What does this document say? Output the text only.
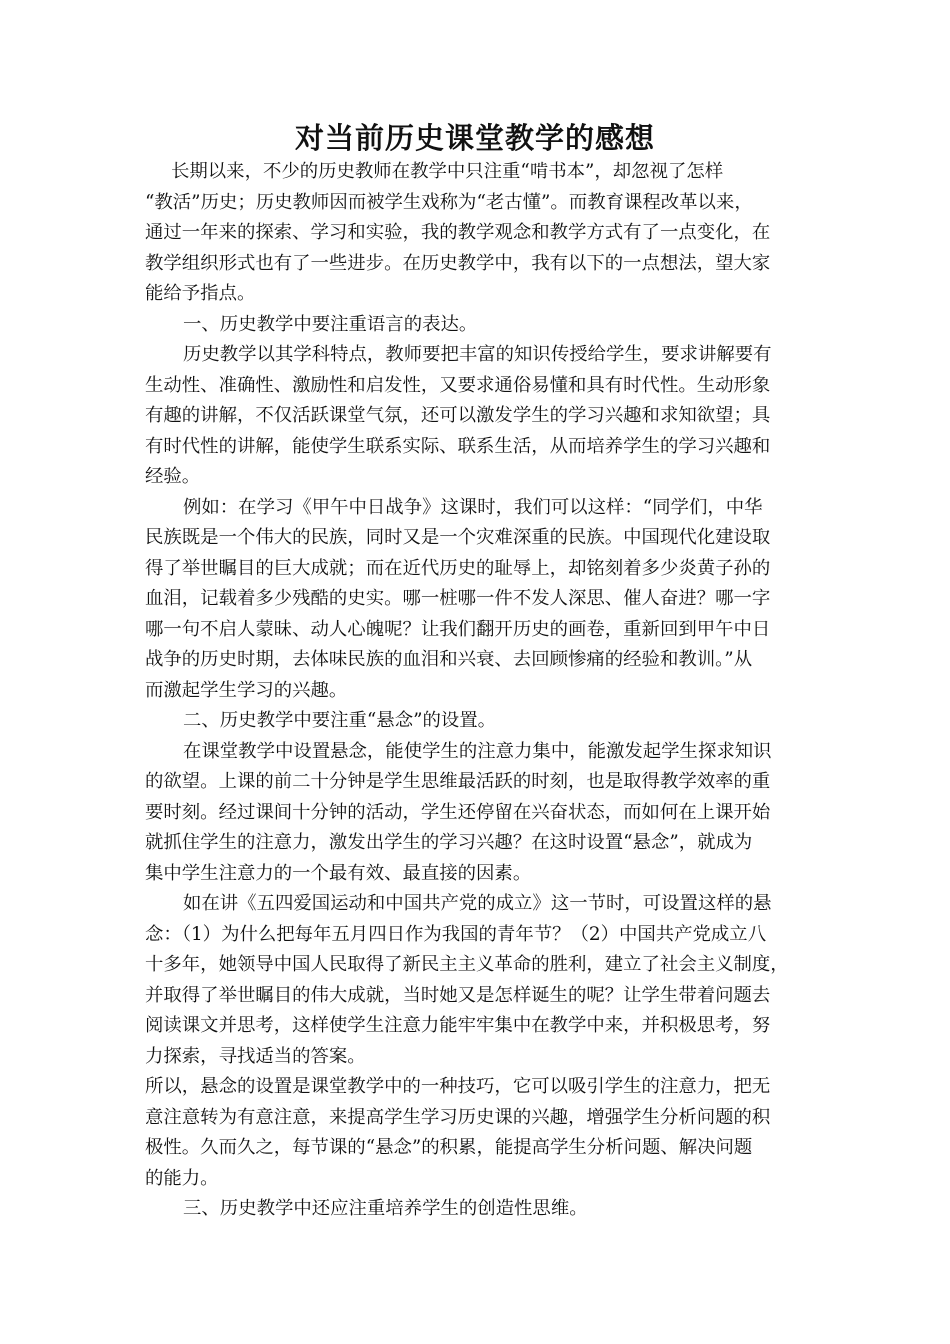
对当前历史课堂教学的感想
长期以来，不少的历史教师在教学中只注重“啃书本”，却忽视了怎样
“教活”历史；历史教师因而被学生戏称为“老古懂”。而教育课程改革以来，
通过一年来的探索、学习和实验，我的教学观念和教学方式有了一点变化，在
教学组织形式也有了一些进步。在历史教学中，我有以下的一点想法，望大家
能给予指点。
一、历史教学中要注重语言的表达。
历史教学以其学科特点，教师要把丰富的知识传授给学生，要求讲解要有
生动性、准确性、激励性和启发性，又要求通俗易懂和具有时代性。生动形象
有趣的讲解，不仅活跃课堂气氛，还可以激发学生的学习兴趣和求知欲望；具
有时代性的讲解，能使学生联系实际、联系生活，从而培养学生的学习兴趣和
经验。
例如：在学习《甲午中日战争》这课时，我们可以这样：“同学们，中华
民族既是一个伟大的民族，同时又是一个灾难深重的民族。中国现代化建设取
得了举世瞩目的巨大成就；而在近代历史的耻辱上，却铭刻着多少炎黄子孙的
血泪，记载着多少残酷的史实。哪一桩哪一件不发人深思、催人奋进？哪一字
哪一句不启人蒙昧、动人心魄呢？让我们翻开历史的画卷，重新回到甲午中日
战争的历史时期，去体味民族的血泪和兴衰、去回顾惨痛的经验和教训。”从
而激起学生学习的兴趣。
二、历史教学中要注重“悬念”的设置。
在课堂教学中设置悬念，能使学生的注意力集中，能激发起学生探求知识
的欲望。上课的前二十分钟是学生思维最活跃的时刻，也是取得教学效率的重
要时刻。经过课间十分钟的活动，学生还停留在兴奋状态，而如何在上课开始
就抓住学生的注意力，激发出学生的学习兴趣？在这时设置“悬念”，就成为
集中学生注意力的一个最有效、最直接的因素。
如在讲《五四爱国运动和中国共产党的成立》这一节时，可设置这样的悬
念：（1）为什么把每年五月四日作为我国的青年节？（2）中国共产党成立八
十多年，她领导中国人民取得了新民主主义革命的胜利，建立了社会主义制度，
并取得了举世瞩目的伟大成就，当时她又是怎样诞生的呢？让学生带着问题去
阅读课文并思考，这样使学生注意力能牢牢集中在教学中来，并积极思考，努
力探索，寻找适当的答案。
所以，悬念的设置是课堂教学中的一种技巧，它可以吸引学生的注意力，把无
意注意转为有意注意，来提高学生学习历史课的兴趣，增强学生分析问题的积
极性。久而久之，每节课的“悬念”的积累，能提高学生分析问题、解决问题
的能力。
三、历史教学中还应注重培养学生的创造性思维。
